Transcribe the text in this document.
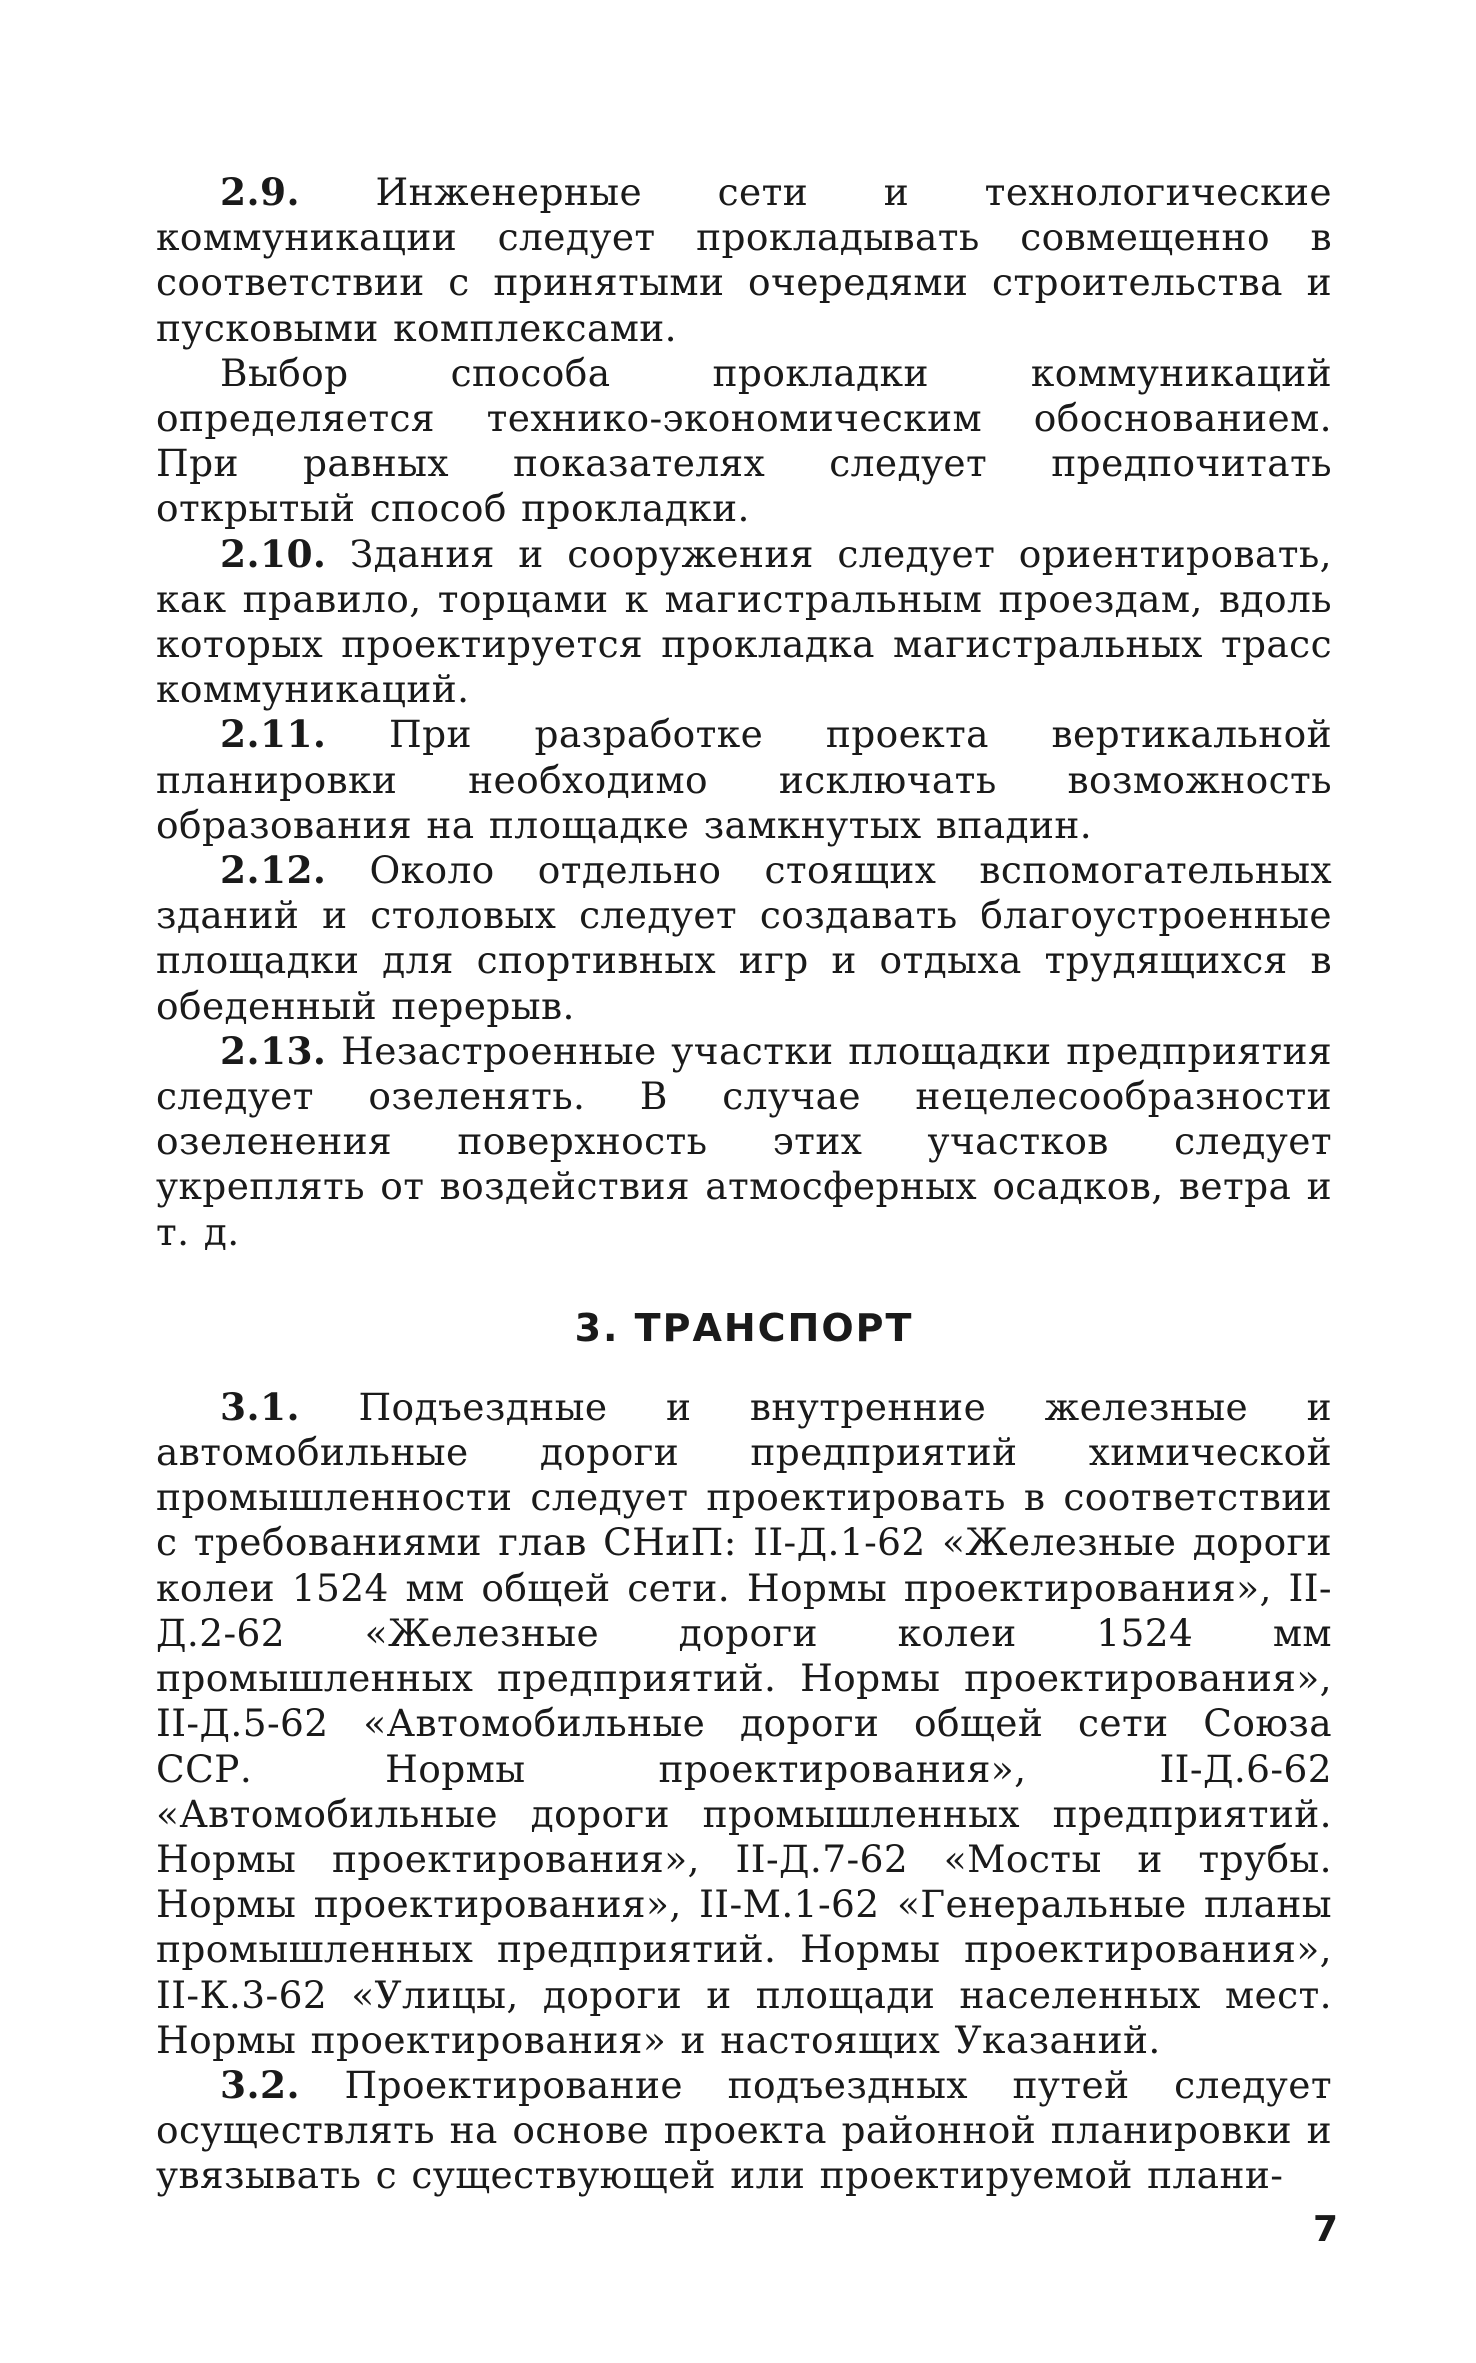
2.9. Инженерные сети и технологические коммуникации следует прокладывать совмещенно в соответствии с принятыми очередями строительства и пусковыми комплексами.

Выбор способа прокладки коммуникаций определяется технико-экономическим обоснованием. При равных показателях следует предпочитать открытый способ прокладки.

2.10. Здания и сооружения следует ориентировать, как правило, торцами к магистральным проездам, вдоль которых проектируется прокладка магистральных трасс коммуникаций.

2.11. При разработке проекта вертикальной планировки необходимо исключать возможность образования на площадке замкнутых впадин.

2.12. Около отдельно стоящих вспомогательных зданий и столовых следует создавать благоустроенные площадки для спортивных игр и отдыха трудящихся в обеденный перерыв.

2.13. Незастроенные участки площадки предприятия следует озеленять. В случае нецелесообразности озеленения поверхность этих участков следует укреплять от воздействия атмосферных осадков, ветра и т. д.

3. ТРАНСПОРТ

3.1. Подъездные и внутренние железные и автомобильные дороги предприятий химической промышленности следует проектировать в соответствии с требованиями глав СНиП: II-Д.1-62 «Железные дороги колеи 1524 мм общей сети. Нормы проектирования», II-Д.2-62 «Железные дороги колеи 1524 мм промышленных предприятий. Нормы проектирования», II-Д.5-62 «Автомобильные дороги общей сети Союза ССР. Нормы проектирования», II-Д.6-62 «Автомобильные дороги промышленных предприятий. Нормы проектирования», II-Д.7-62 «Мосты и трубы. Нормы проектирования», II-М.1-62 «Генеральные планы промышленных предприятий. Нормы проектирования», II-К.3-62 «Улицы, дороги и площади населенных мест. Нормы проектирования» и настоящих Указаний.

3.2. Проектирование подъездных путей следует осуществлять на основе проекта районной планировки и увязывать с существующей или проектируемой плани-

7
